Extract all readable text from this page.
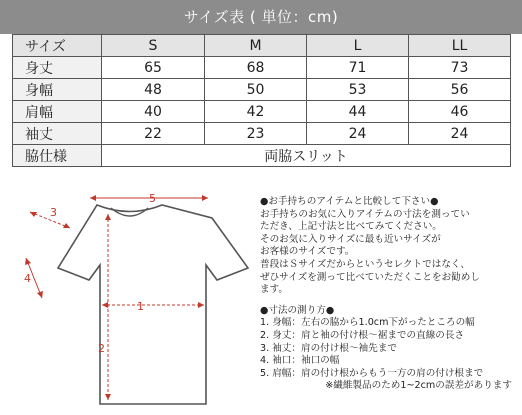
サイズ表 ( 単位：cm)
サイズ	S	M	L	LL
身丈	65	68	71	73
身幅	48	50	53	56
肩幅	40	42	44	46
袖丈	22	23	24	24
脇仕様	両脇スリット			
5
3
4
1
2

●お手持ちのアイテムと比較して下さい●

お手持ちのお気に入りアイテムの寸法を測ってい

ただき、上記寸法と比べてみてください。

そのお気に入りサイズに最も近いサイズが

お客様のサイズです。

普段はＳサイズだからというセレクトではなく、

ぜひサイズを測って比べていただくことをお勧めし

ます。

●寸法の測り方●

1. 身幅：左右の脇から1.0cm下がったところの幅

2. 身丈：肩と袖の付け根～裾までの直線の長さ

3. 袖丈：肩の付け根～袖先まで

4. 袖口：袖口の幅

5. 肩幅：肩の付け根からもう一方の肩の付け根まで

※繊維製品のため1~2cmの誤差があります
